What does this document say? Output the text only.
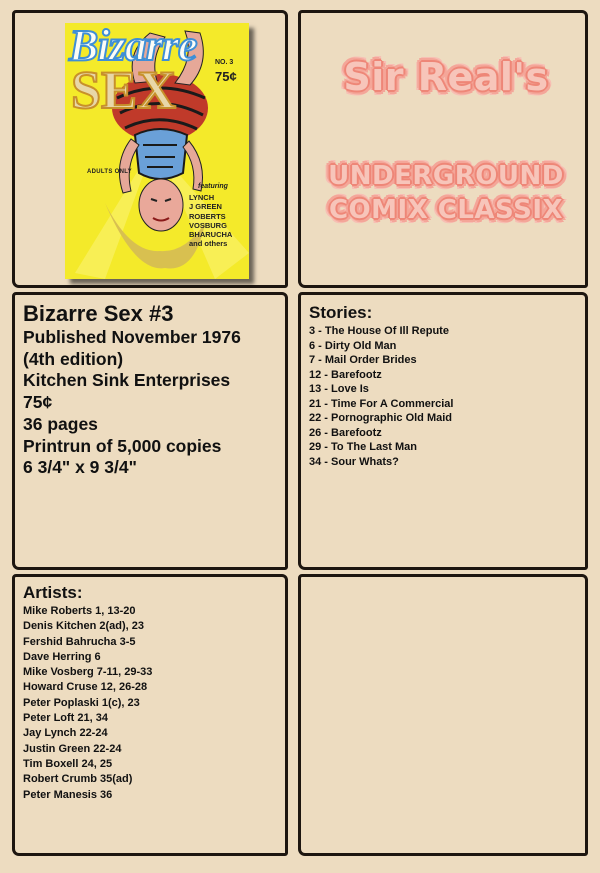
Bizarre
SEX	NO. 3
75¢
ADULTS ONLY
featuring
LYNCH
J GREEN
ROBERTS
VOSBURG
BHARUCHA
and others
Sir Real's
UNDERGROUND
COMIX CLASSIX
Bizarre Sex #3
Published November 1976
(4th edition)
Kitchen Sink Enterprises
75¢
36 pages
Printrun of 5,000 copies
6 3/4" x 9 3/4"
Stories:
3 - The House Of Ill Repute
6 - Dirty Old Man
7 - Mail Order Brides
12 - Barefootz
13 - Love Is
21 - Time For A Commercial
22 - Pornographic Old Maid
26 - Barefootz
29 - To The Last Man
34 - Sour Whats?
Artists:
Mike Roberts 1, 13-20
Denis Kitchen 2(ad), 23
Fershid Bahrucha 3-5
Dave Herring 6
Mike Vosberg 7-11, 29-33
Howard Cruse 12, 26-28
Peter Poplaski 1(c), 23
Peter Loft 21, 34
Jay Lynch 22-24
Justin Green 22-24
Tim Boxell 24, 25
Robert Crumb 35(ad)
Peter Manesis 36
